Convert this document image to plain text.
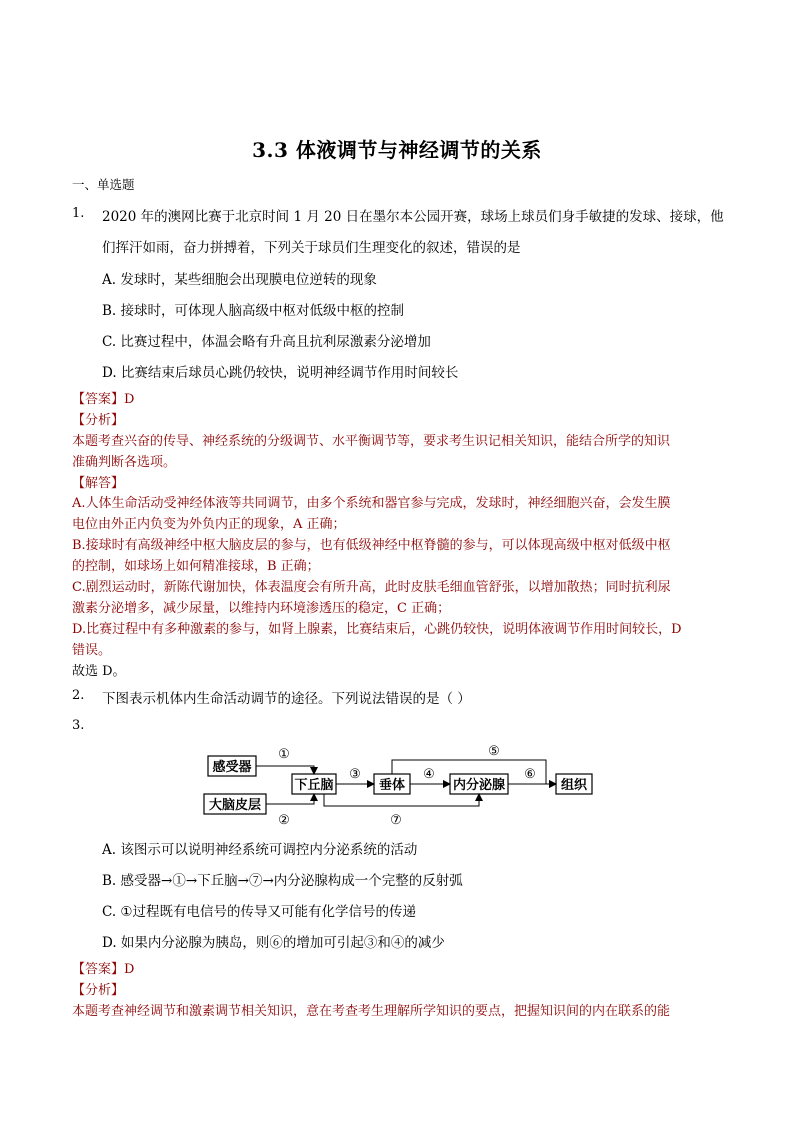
3.3 体液调节与神经调节的关系
一、单选题
1. 2020 年的澳网比赛于北京时间 1 月 20 日在墨尔本公园开赛，球场上球员们身手敏捷的发球、接球，他
们挥汗如雨，奋力拼搏着，下列关于球员们生理变化的叙述，错误的是
A. 发球时，某些细胞会出现膜电位逆转的现象
B. 接球时，可体现人脑高级中枢对低级中枢的控制
C. 比赛过程中，体温会略有升高且抗利尿激素分泌增加
D. 比赛结束后球员心跳仍较快，说明神经调节作用时间较长
【答案】D
【分析】
本题考查兴奋的传导、神经系统的分级调节、水平衡调节等，要求考生识记相关知识，能结合所学的知识
准确判断各选项。
【解答】
A.人体生命活动受神经体液等共同调节，由多个系统和器官参与完成，发球时，神经细胞兴奋，会发生膜
电位由外正内负变为外负内正的现象，A 正确；
B.接球时有高级神经中枢大脑皮层的参与，也有低级神经中枢脊髓的参与，可以体现高级中枢对低级中枢
的控制，如球场上如何精准接球，B 正确；
C.剧烈运动时，新陈代谢加快，体表温度会有所升高，此时皮肤毛细血管舒张，以增加散热；同时抗利尿
激素分泌增多，减少尿量，以维持内环境渗透压的稳定，C 正确；
D.比赛过程中有多种激素的参与，如肾上腺素，比赛结束后，心跳仍较快，说明体液调节作用时间较长，D
错误。
故选 D。
2. 下图表示机体内生命活动调节的途径。下列说法错误的是（ ）
3.
感受器
大脑皮层
下丘脑	垂体	内分泌腺	组织
①
②
③	④
⑤
⑥
⑦
A. 该图示可以说明神经系统可调控内分泌系统的活动
B. 感受器→①→下丘脑→⑦→内分泌腺构成一个完整的反射弧
C. ①过程既有电信号的传导又可能有化学信号的传递
D. 如果内分泌腺为胰岛，则⑥的增加可引起③和④的减少
【答案】D
【分析】
本题考查神经调节和激素调节相关知识，意在考查考生理解所学知识的要点，把握知识间的内在联系的能
